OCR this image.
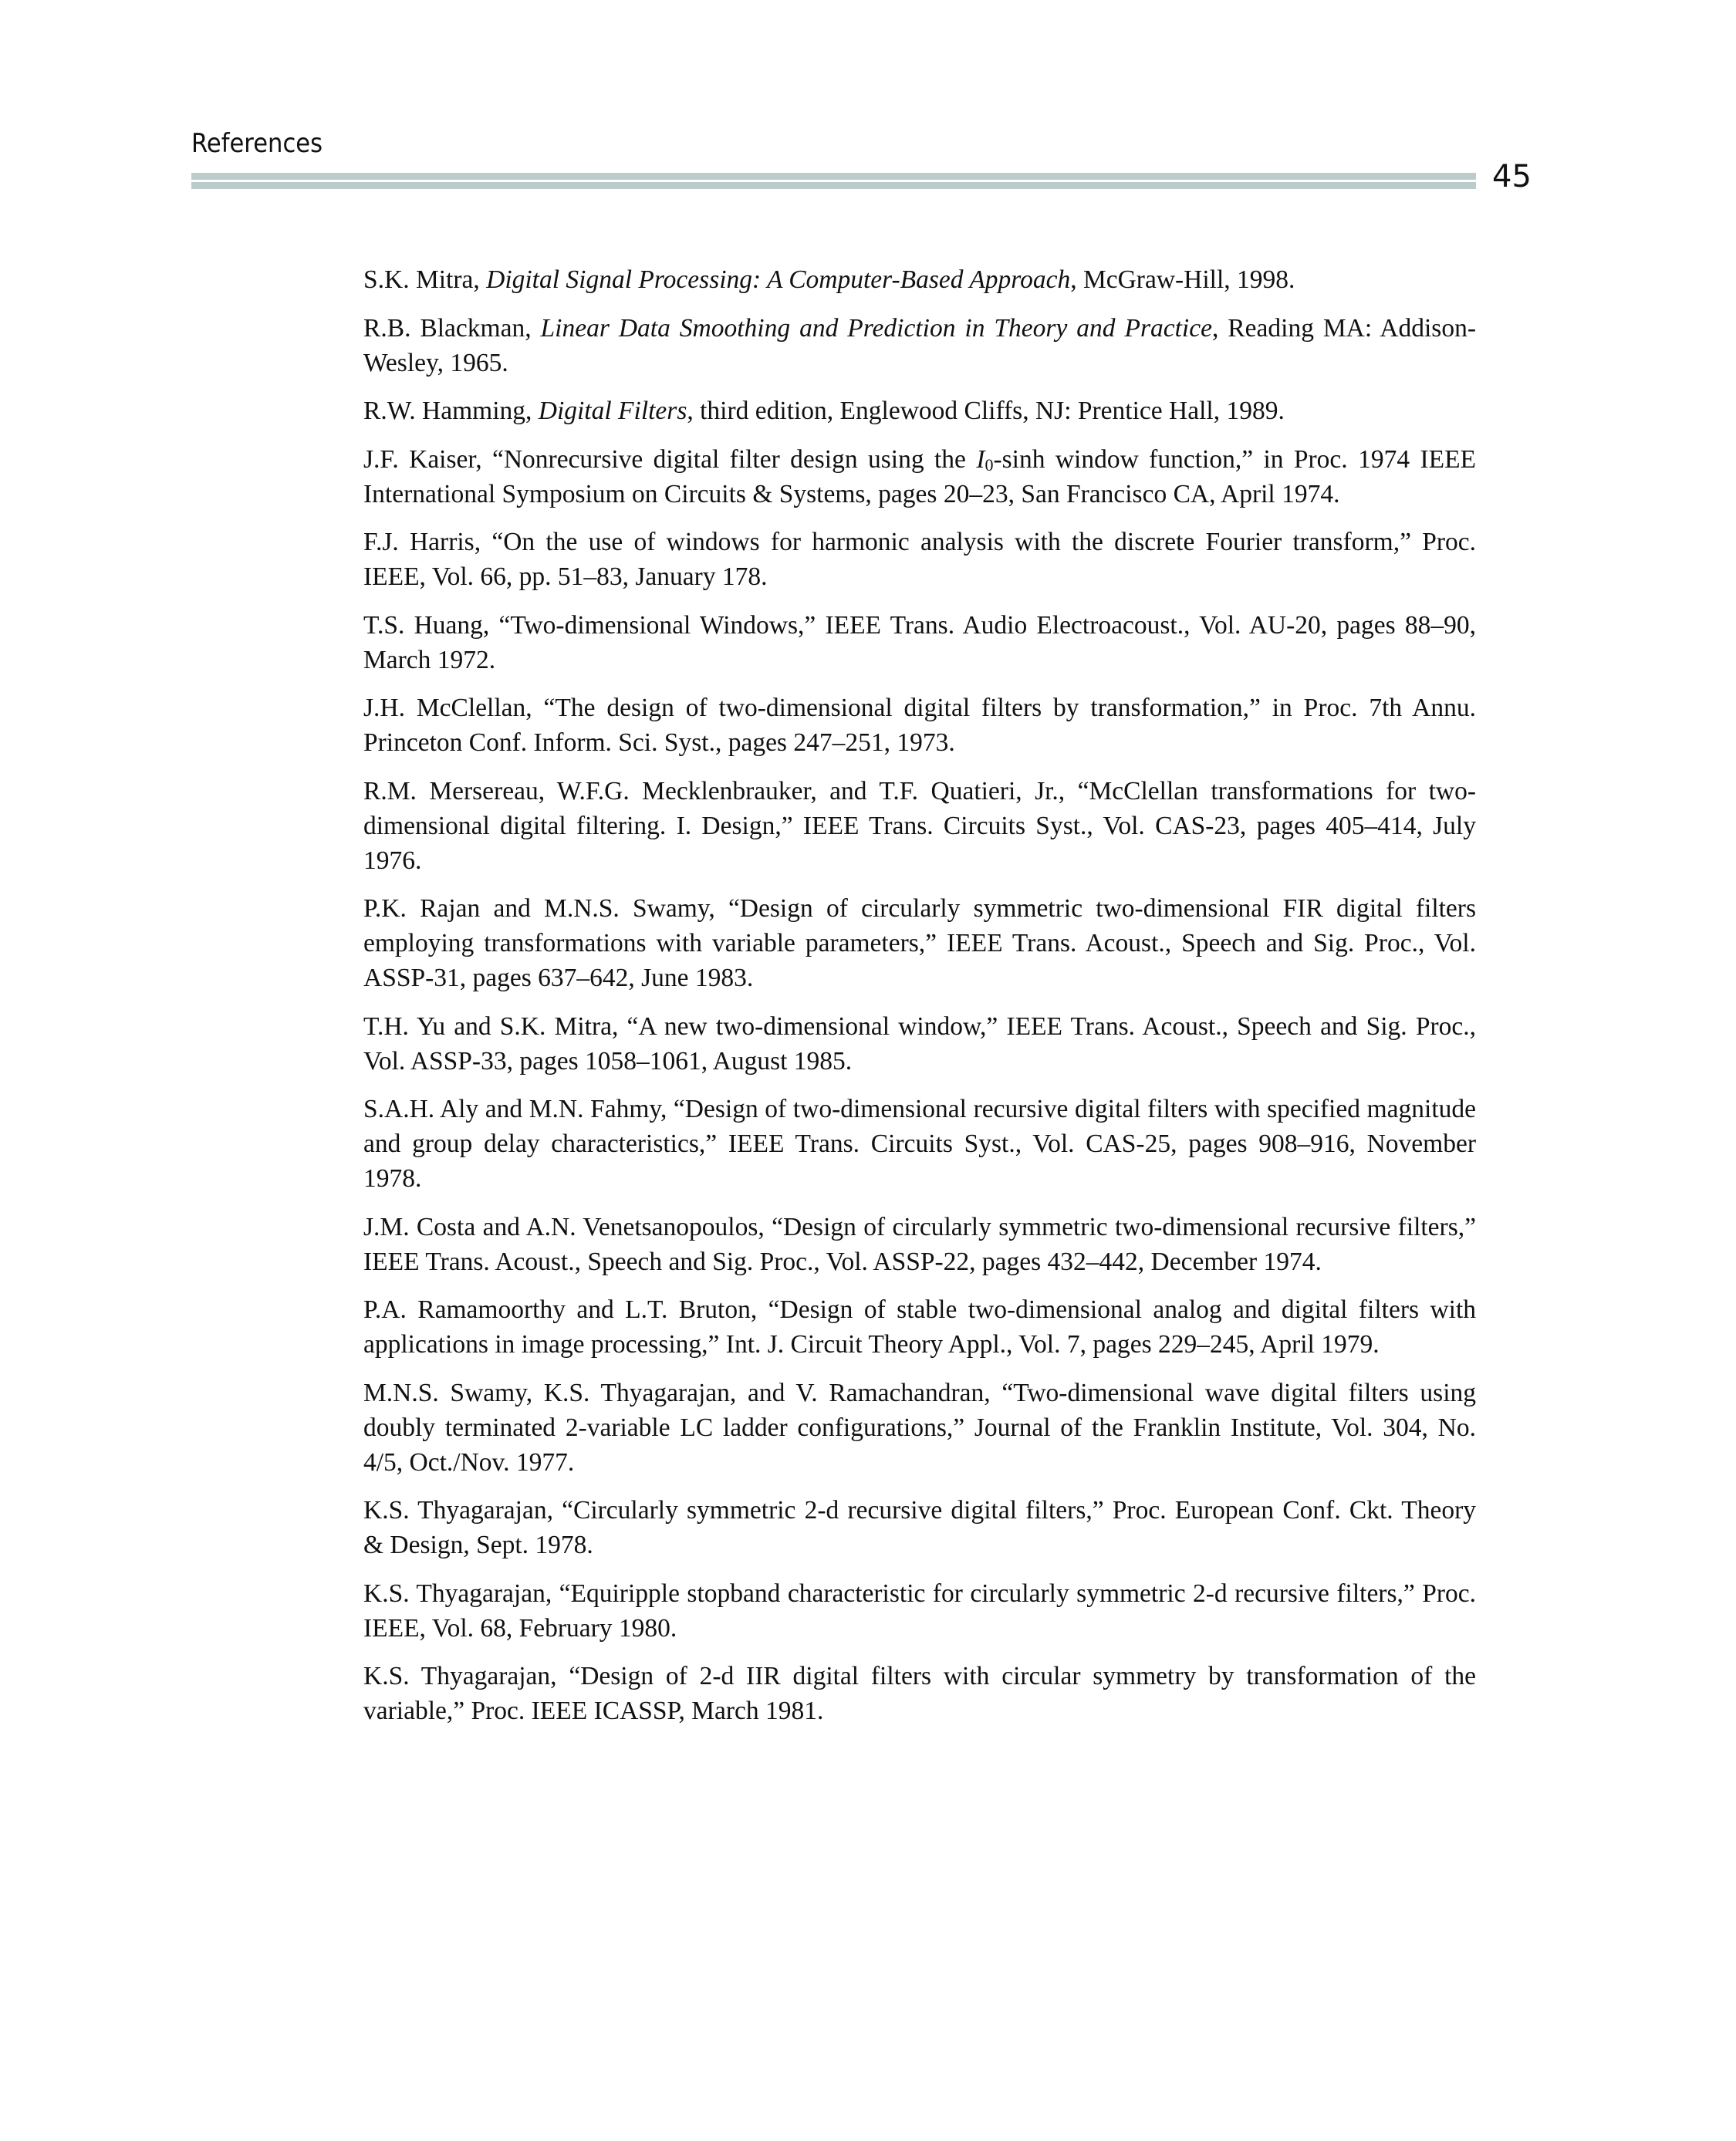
References
45

S.K. Mitra, Digital Signal Processing: A Computer-Based Approach, McGraw-Hill, 1998.

R.B. Blackman, Linear Data Smoothing and Prediction in Theory and Practice, Reading MA: Addison-Wesley, 1965.

R.W. Hamming, Digital Filters, third edition, Englewood Cliffs, NJ: Prentice Hall, 1989.

J.F. Kaiser, “Nonrecursive digital filter design using the $I_0-\sinh$ window function,” in Proc. 1974 IEEE International Symposium on Circuits & Systems, pages 20–23, San Francisco CA, April 1974.

F.J. Harris, “On the use of windows for harmonic analysis with the discrete Fourier transform,” Proc. IEEE, Vol. 66, pp. 51–83, January 178.

T.S. Huang, “Two-dimensional Windows,” IEEE Trans. Audio Electroacoust., Vol. AU-20, pages 88–90, March 1972.

J.H. McClellan, “The design of two-dimensional digital filters by transformation,” in Proc. 7th Annu. Princeton Conf. Inform. Sci. Syst., pages 247–251, 1973.

R.M. Mersereau, W.F.G. Mecklenbrauker, and T.F. Quatieri, Jr., “McClellan transformations for two-dimensional digital filtering. I. Design,” IEEE Trans. Circuits Syst., Vol. CAS-23, pages 405–414, July 1976.

P.K. Rajan and M.N.S. Swamy, “Design of circularly symmetric two-dimensional FIR digital filters employing transformations with variable parameters,” IEEE Trans. Acoust., Speech and Sig. Proc., Vol. ASSP-31, pages 637–642, June 1983.

T.H. Yu and S.K. Mitra, “A new two-dimensional window,” IEEE Trans. Acoust., Speech and Sig. Proc., Vol. ASSP-33, pages 1058–1061, August 1985.

S.A.H. Aly and M.N. Fahmy, “Design of two-dimensional recursive digital filters with specified magnitude and group delay characteristics,” IEEE Trans. Circuits Syst., Vol. CAS-25, pages 908–916, November 1978.

J.M. Costa and A.N. Venetsanopoulos, “Design of circularly symmetric two-dimensional recursive filters,” IEEE Trans. Acoust., Speech and Sig. Proc., Vol. ASSP-22, pages 432–442, December 1974.

P.A. Ramamoorthy and L.T. Bruton, “Design of stable two-dimensional analog and digital filters with applications in image processing,” Int. J. Circuit Theory Appl., Vol. 7, pages 229–245, April 1979.

M.N.S. Swamy, K.S. Thyagarajan, and V. Ramachandran, “Two-dimensional wave digital filters using doubly terminated 2-variable LC ladder configurations,” Journal of the Franklin Institute, Vol. 304, No. 4/5, Oct./Nov. 1977.

K.S. Thyagarajan, “Circularly symmetric 2-d recursive digital filters,” Proc. European Conf. Ckt. Theory & Design, Sept. 1978.

K.S. Thyagarajan, “Equiripple stopband characteristic for circularly symmetric 2-d recursive filters,” Proc. IEEE, Vol. 68, February 1980.

K.S. Thyagarajan, “Design of 2-d IIR digital filters with circular symmetry by transformation of the variable,” Proc. IEEE ICASSP, March 1981.
